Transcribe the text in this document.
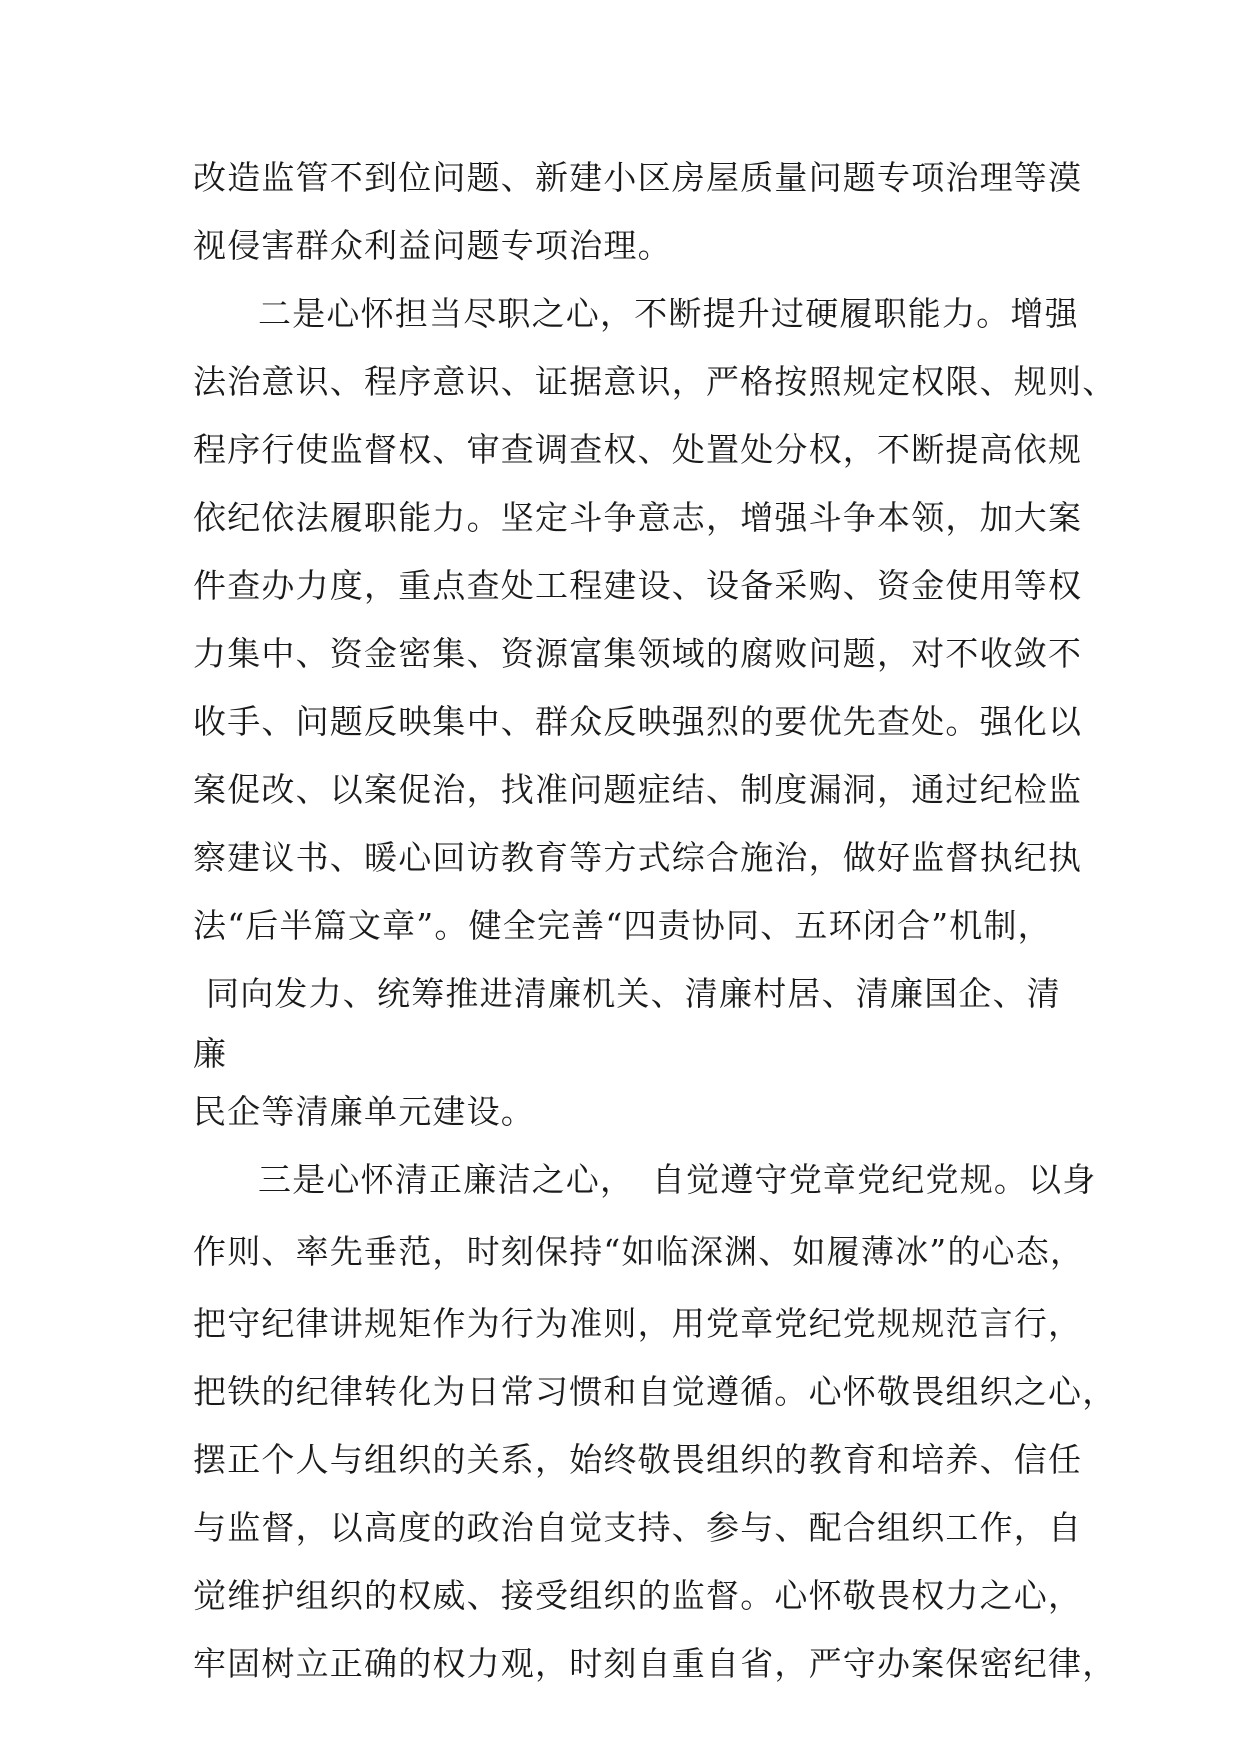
改造监管不到位问题、新建小区房屋质量问题专项治理等漠
视侵害群众利益问题专项治理。
二是心怀担当尽职之心，不断提升过硬履职能力。增强
法治意识、程序意识、证据意识，严格按照规定权限、规则、
程序行使监督权、审查调查权、处置处分权，不断提高依规
依纪依法履职能力。坚定斗争意志，增强斗争本领，加大案
件查办力度，重点查处工程建设、设备采购、资金使用等权
力集中、资金密集、资源富集领域的腐败问题，对不收敛不
收手、问题反映集中、群众反映强烈的要优先查处。强化以
案促改、以案促治，找准问题症结、制度漏洞，通过纪检监
察建议书、暖心回访教育等方式综合施治，做好监督执纪执
法“后半篇文章”。健全完善“四责协同、五环闭合”机制，
同向发力、统筹推进清廉机关、清廉村居、清廉国企、清
廉
民企等清廉单元建设。
三是心怀清正廉洁之心，　自觉遵守党章党纪党规。以身
作则、率先垂范，时刻保持“如临深渊、如履薄冰”的心态，
把守纪律讲规矩作为行为准则，用党章党纪党规规范言行，
把铁的纪律转化为日常习惯和自觉遵循。心怀敬畏组织之心，
摆正个人与组织的关系，始终敬畏组织的教育和培养、信任
与监督，以高度的政治自觉支持、参与、配合组织工作，自
觉维护组织的权威、接受组织的监督。心怀敬畏权力之心，
牢固树立正确的权力观，时刻自重自省，严守办案保密纪律，
